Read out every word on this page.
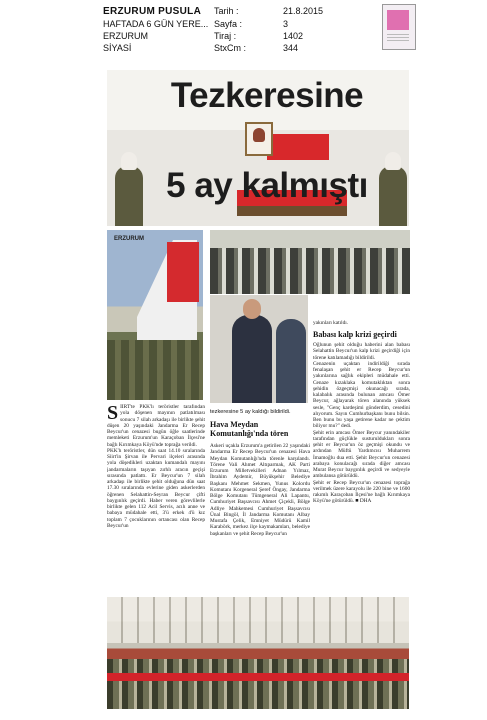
ERZURUM PUSULA
HAFTADA 6 GÜN YERE...
ERZURUM
SİYASİ
Tarih :
Sayfa :
Tiraj :
StxCm :
21.8.2015
3
1402
344
Tezkeresine
5 ay kalmıştı
ERZURUM
tezkeresine 5 ay kaldığı bildirildi.
S İİRT'te PKK'lı teröristler tarafından yola döşenen mayının patlatılması sonucu 7 silah arkadaşı ile birlikte şehit düşen 20 yaşındaki Jandarma Er Recep Beycur'un cenazesi bugün öğle saatlerinde memleketi Erzurum'un Karaçoban İlçesi'ne bağlı Kırımkaya Köyü'nde toprağa verildi.
PKK'lı teröristler, dün saat 14.10 sıralarında Siirt'in Şirvan ile Pervari ilçeleri arasında yola döşedikleri uzaktan kumandalı mayını jandarmaların taşıyan zırhlı aracın geçişi sırasında patlattı. Er Beycur'un 7 silah arkadaşı ile birlikte şehit olduğuna dün saat 17.30 sıralarında evlerine giden askerlerden öğrenen Selahattin-Seyran Beycur çifti baygınlık geçirdi. Haber veren görevlilerle birlikte gelen 112 Acil Servis, acılı anne ve babaya müdahale etti, 3'ü erkek 4'ü kız toplam 7 çocuklarının ortancası olan Recep Beycur'un
Hava Meydan Komutanlığı'nda tören
Askeri uçakla Erzurum'a getirilen 22 yaşındaki Jandarma Er Recep Beycur'un cenazesi Hava Meydan Komutanlığı'nda törenle karşılandı. Törene Vali Ahmet Altıparmak, AK Parti Erzurum Milletvekilleri Adnan Yılmaz, İbrahim Aydemir, Büyükşehir Belediye Başkanı Mehmet Sekmen, Yunus Kolordu Komutanı Korgeneral Şeref Öngay, Jandarma Bölge Komutanı Tümgeneral Ali Lapantu, Cumhuriyet Başsavcısı Ahmet Çiçekli, Bölge Adliye Mahkemesi Cumhuriyet Başsavcısı Ünal Bingöl, İl Jandarma Komutanı Albay Mustafa Çelik, Emniyet Müdürü Kamil Karabörk, merkez ilçe kaymakamları, belediye başkanları ve şehit Recep Beycur'un
yakınları katıldı.
Babası kalp krizi geçirdi
Oğlunun şehit olduğu haberini alan babası Selahattin Beycur'un kalp krizi geçirdiği için törene katılamadığı bildirildi.
Cenazenin uçaktan indirildiği sırada fenalaşan şehit er Recep Beycur'un yakınlarına sağlık ekipleri müdahale etti. Cenaze kızaklaka komutaklıktan sonra şehidin özgeçmişi okunacağı sırada, kalabalık arasında bulunan amcası Ömer Beycur, ağlayarak tören alanında yüksek sesle, "Genç kardeşimi gönderdim, cesedini alıyorum. Sayın Cumhurbaşkanı bunu bilsin. Ben bunu bu yaşa getirene kadar ne çektim biliyor mu?" dedi.
Şehit erin amcası Ömer Beycur yanındakiler tarafından güçlükle susturuldukları sonra şehit er Beycur'un öz geçmişi okundu ve ardından Müftü Yardımcısı Muharrem İmamoğlu dua etti. Şehit Beycur'un cenazesi arabaya konulacağı sırada diğer amcası Murat Beycur baygınlık geçirdi ve sedyeyle ambulansa götürüldü.
Şehit er Recep Beycur'un cenazesi toprağa verilmek üzere karayolu ile 220 bine ve 1600 rakımlı Karaçoban İlçesi'ne bağlı Kırımkaya Köyü'ne götürüldü. ■ DHA
